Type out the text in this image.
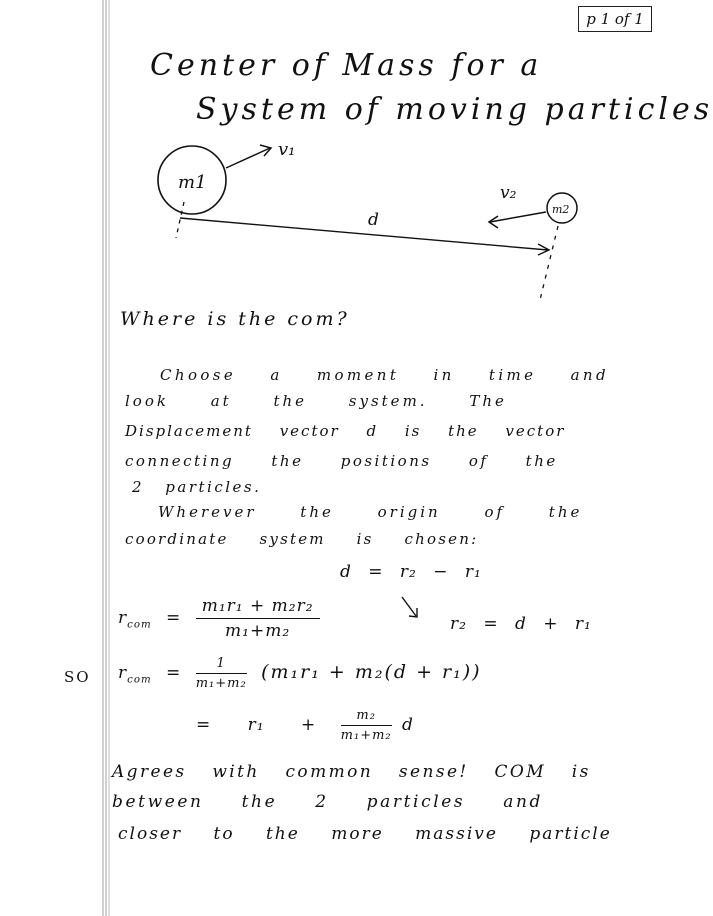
p 1 of 1
Center of Mass for a
System of moving particles
m1
v₁
d
m2
v₂
Where is the com?
Choose a moment in time and
look at the system. The
Displacement vector d is the vector
connecting the positions of the
2 particles.
Wherever the origin of the
coordinate system is chosen:
d = r₂ − r₁
$r_{com} = \frac{\text{m₁r₁ + m₂r₂}}{\text{m₁+m₂}}$	r₂ = d + r₁
SO $r_{com} = \frac{1}{\text{m₁+m₂}} (m_1r_1 + m_2(d + r_1))$
= $r_1 + \frac{\text{m₂}}{\text{m₁+m₂}}$ d
Agrees with common sense! COM is
between the 2 particles and
closer to the more massive particle
